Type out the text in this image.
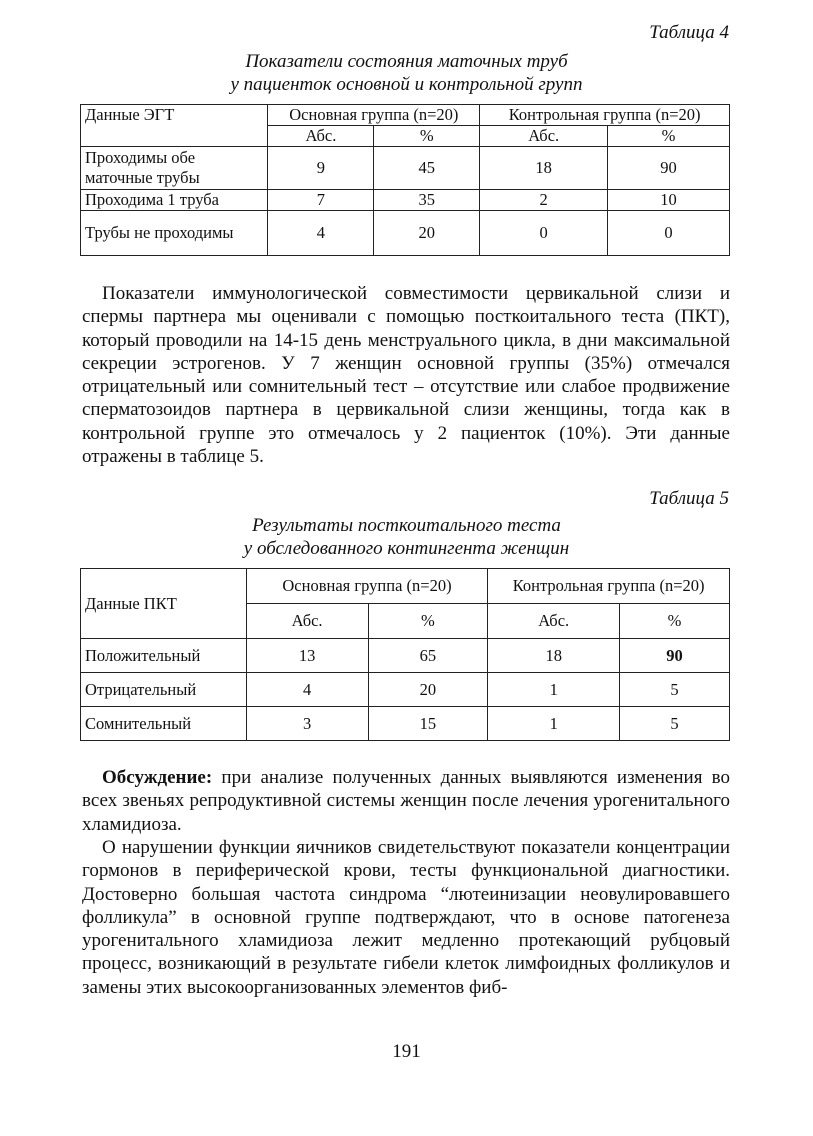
Таблица 4
Показатели состояния маточных труб
у пациенток основной и контрольной групп
Данные ЭГТ	Основная группа (n=20)		Контрольная группа (n=20)	
	Абс.	%	Абс.	%
Проходимы обе маточные трубы	9	45	18	90
Проходима 1 труба	7	35	2	10
Трубы не проходимы	4	20	0	0

Показатели иммунологической совместимости цервикальной слизи и спермы партнера мы оценивали с помощью посткоитального теста (ПКТ), который проводили на 14-15 день менструального цикла, в дни максимальной секреции эстрогенов. У 7 женщин основной группы (35%) отмечался отрицательный или сомнительный тест – отсутствие или слабое продвижение сперматозоидов партнера в цервикальной слизи женщины, тогда как в контрольной группе это отмечалось у 2 пациенток (10%). Эти данные отражены в таблице 5.

Таблица 5
Результаты посткоитального теста
у обследованного контингента женщин
Данные ПКТ	Основная группа (n=20)		Контрольная группа (n=20)	
	Абс.	%	Абс.	%
Положительный	13	65	18	90
Отрицательный	4	20	1	5
Сомнительный	3	15	1	5

Обсуждение: при анализе полученных данных выявляются изменения во всех звеньях репродуктивной системы женщин после лечения урогенитального хламидиоза.

О нарушении функции яичников свидетельствуют показатели концентрации гормонов в периферической крови, тесты функциональной диагностики. Достоверно большая частота синдрома “лютеинизации неовулировавшего фолликула” в основной группе подтверждают, что в основе патогенеза урогенитального хламидиоза лежит медленно протекающий рубцовый процесс, возникающий в результате гибели клеток лимфоидных фолликулов и замены этих высокоорганизованных элементов фиб-

191
